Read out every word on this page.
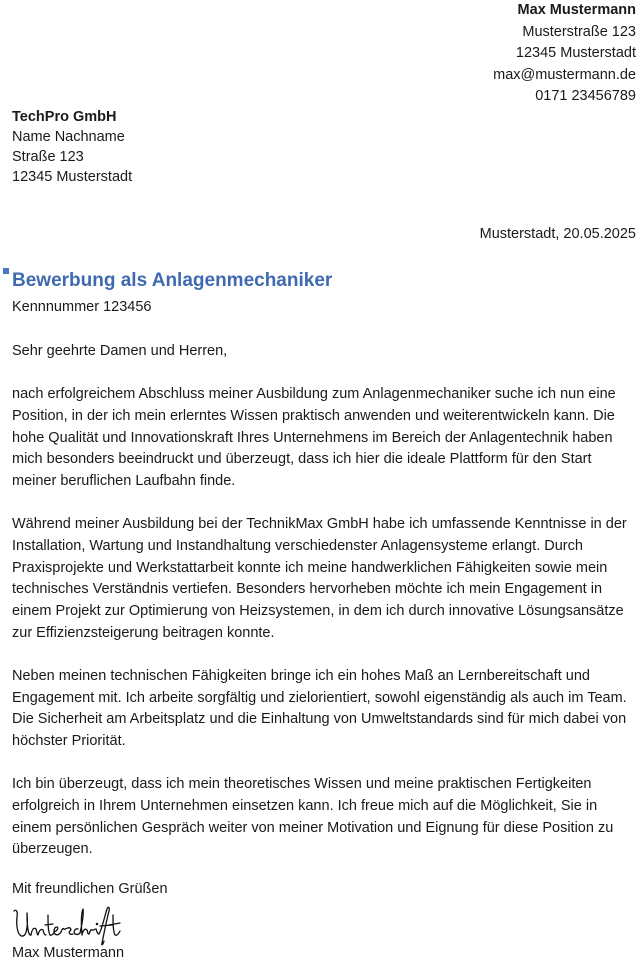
Max Mustermann
Musterstraße 123
12345 Musterstadt
max@mustermann.de
0171 23456789
TechPro GmbH
Name Nachname
Straße 123
12345 Musterstadt
Musterstadt, 20.05.2025
Bewerbung als Anlagenmechaniker
Kennnummer 123456

Sehr geehrte Damen und Herren,

nach erfolgreichem Abschluss meiner Ausbildung zum Anlagenmechaniker suche ich nun eine Position, in der ich mein erlerntes Wissen praktisch anwenden und weiterentwickeln kann. Die hohe Qualität und Innovationskraft Ihres Unternehmens im Bereich der Anlagentechnik haben mich besonders beeindruckt und überzeugt, dass ich hier die ideale Plattform für den Start meiner beruflichen Laufbahn finde.

Während meiner Ausbildung bei der TechnikMax GmbH habe ich umfassende Kenntnisse in der Installation, Wartung und Instandhaltung verschiedenster Anlagensysteme erlangt. Durch Praxisprojekte und Werkstattarbeit konnte ich meine handwerklichen Fähigkeiten sowie mein technisches Verständnis vertiefen. Besonders hervorheben möchte ich mein Engagement in einem Projekt zur Optimierung von Heizsystemen, in dem ich durch innovative Lösungsansätze zur Effizienzsteigerung beitragen konnte.

Neben meinen technischen Fähigkeiten bringe ich ein hohes Maß an Lernbereitschaft und Engagement mit. Ich arbeite sorgfältig und zielorientiert, sowohl eigenständig als auch im Team. Die Sicherheit am Arbeitsplatz und die Einhaltung von Umweltstandards sind für mich dabei von höchster Priorität.

Ich bin überzeugt, dass ich mein theoretisches Wissen und meine praktischen Fertigkeiten erfolgreich in Ihrem Unternehmen einsetzen kann. Ich freue mich auf die Möglichkeit, Sie in einem persönlichen Gespräch weiter von meiner Motivation und Eignung für diese Position zu überzeugen.

Mit freundlichen Grüßen
Max Mustermann
